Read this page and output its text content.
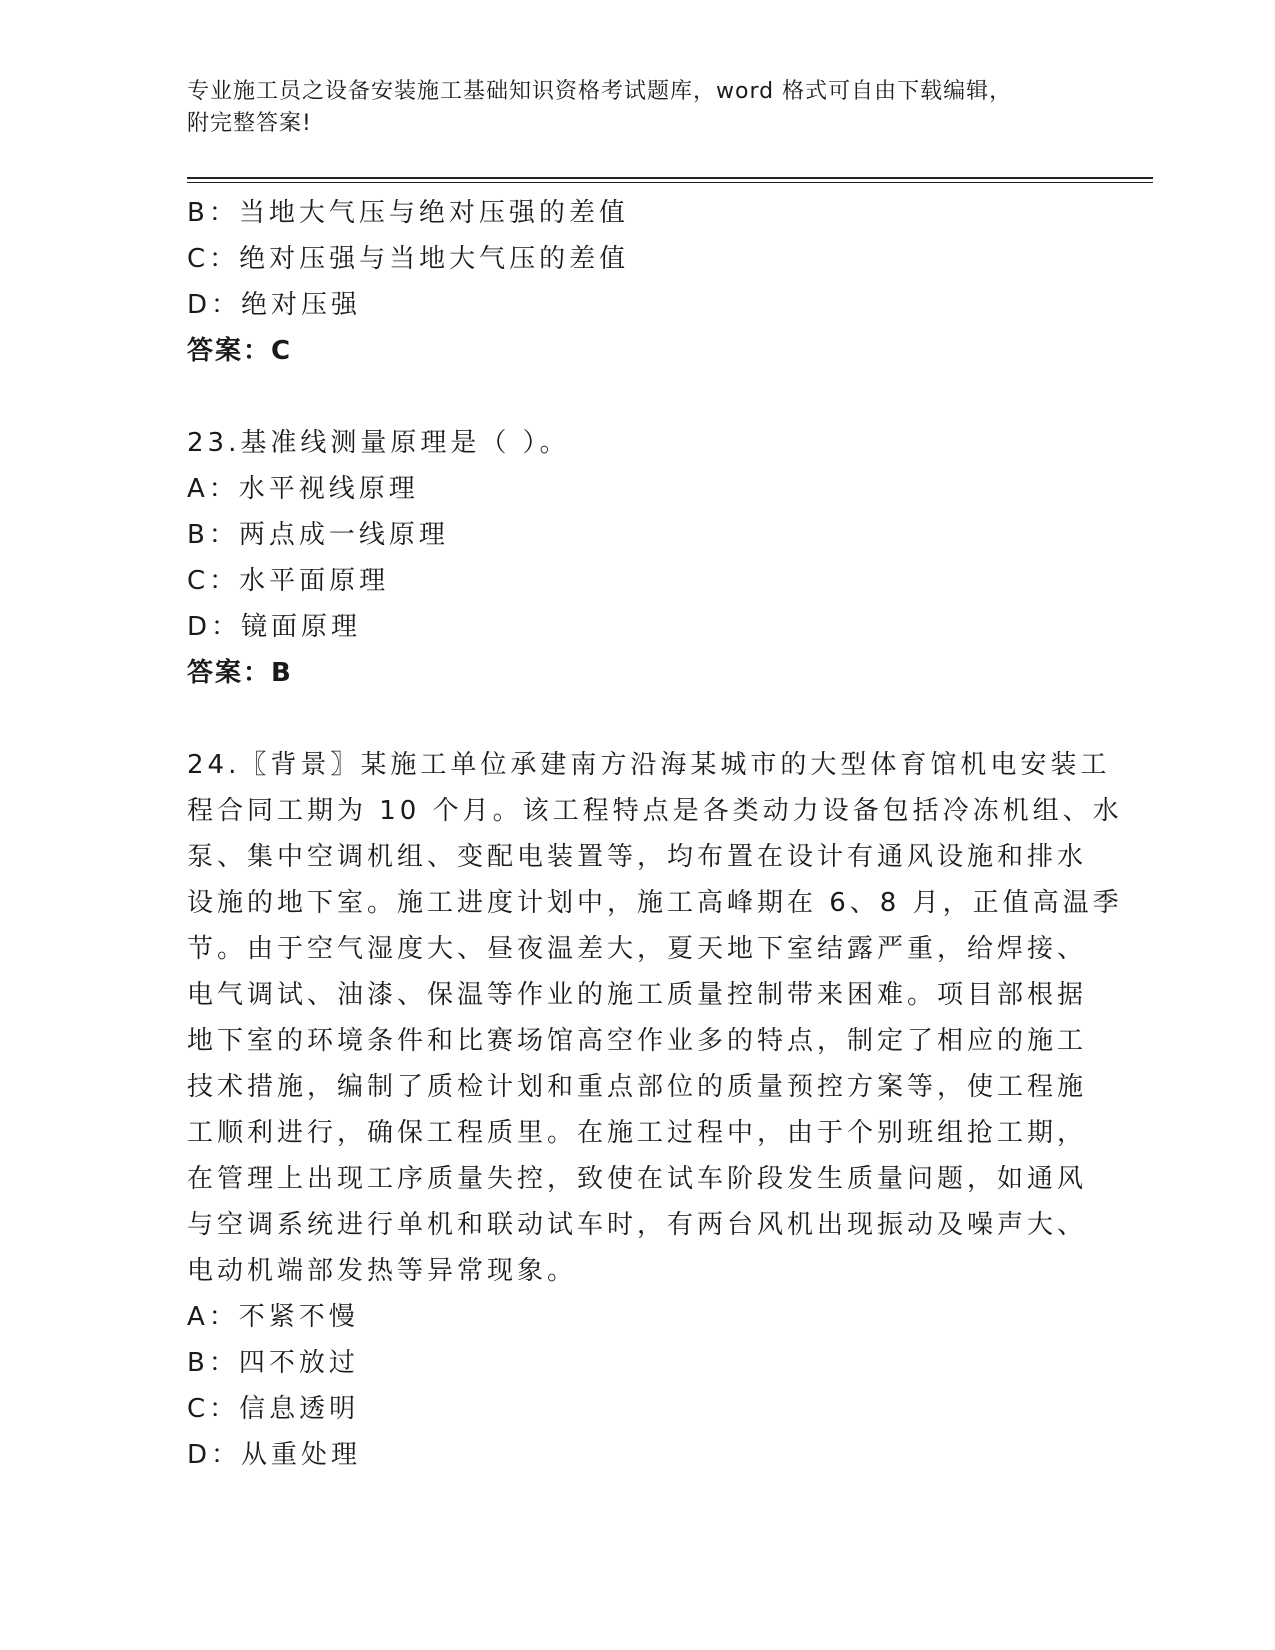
专业施工员之设备安装施工基础知识资格考试题库，word 格式可自由下载编辑，
附完整答案!
B：当地大气压与绝对压强的差值
C：绝对压强与当地大气压的差值
D：绝对压强
答案：C
23.基准线测量原理是（ ）。
A：水平视线原理
B：两点成一线原理
C：水平面原理
D：镜面原理
答案：B
24.〖背景〗某施工单位承建南方沿海某城市的大型体育馆机电安装工
程合同工期为 10 个月。该工程特点是各类动力设备包括冷冻机组、水
泵、集中空调机组、变配电装置等，均布置在设计有通风设施和排水
设施的地下室。施工进度计划中，施工高峰期在 6、8 月，正值高温季
节。由于空气湿度大、昼夜温差大，夏天地下室结露严重，给焊接、
电气调试、油漆、保温等作业的施工质量控制带来困难。项目部根据
地下室的环境条件和比赛场馆高空作业多的特点，制定了相应的施工
技术措施，编制了质检计划和重点部位的质量预控方案等，使工程施
工顺利进行，确保工程质里。在施工过程中，由于个别班组抢工期，
在管理上出现工序质量失控，致使在试车阶段发生质量问题，如通风
与空调系统进行单机和联动试车时，有两台风机出现振动及噪声大、
电动机端部发热等异常现象。
A：不紧不慢
B：四不放过
C：信息透明
D：从重处理
